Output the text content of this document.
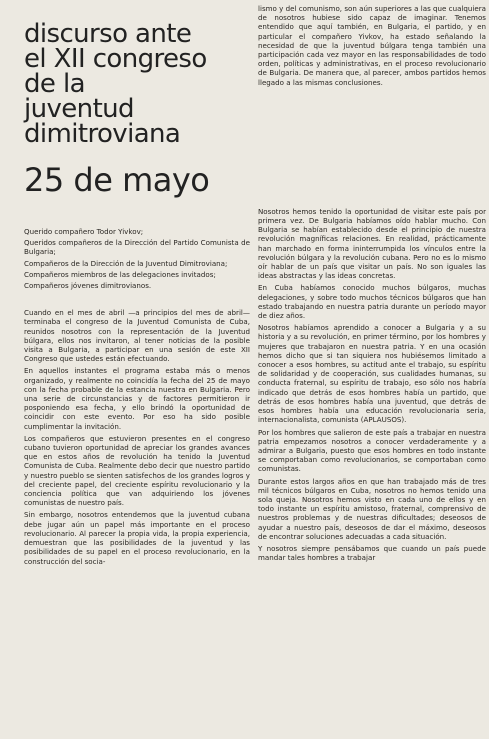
discurso ante
el XII congreso
de la
juventud
dimitroviana
25 de mayo

Querido compañero Todor Yivkov;

Queridos compañeros de la Dirección del Partido Comunista de Bulgaria;

Compañeros de la Dirección de la Juventud Dimitroviana;

Compañeros miembros de las delegaciones invitados;

Compañeros jóvenes dimitrovianos.

Cuando en el mes de abril —a principios del mes de abril— terminaba el congreso de la Juventud Comunista de Cuba, reunidos nosotros con la representación de la Juventud búlgara, ellos nos invitaron, al tener noticias de la posible visita a Bulgaria, a participar en una sesión de este XII Congreso que ustedes están efectuando.

En aquellos instantes el programa estaba más o menos organizado, y realmente no coincidía la fecha del 25 de mayo con la fecha probable de la estancia nuestra en Bulgaria. Pero una serie de circunstancias y de factores permitieron ir posponiendo esa fecha, y ello brindó la oportunidad de coincidir con este evento. Por eso ha sido posible cumplimentar la invitación.

Los compañeros que estuvieron presentes en el congreso cubano tuvieron oportunidad de apreciar los grandes avances que en estos años de revolución ha tenido la Juventud Comunista de Cuba. Realmente debo decir que nuestro partido y nuestro pueblo se sienten satisfechos de los grandes logros y del creciente papel, del creciente espíritu revolucionario y la conciencia política que van adquiriendo los jóvenes comunistas de nuestro país.

Sin embargo, nosotros entendemos que la juventud cubana debe jugar aún un papel más importante en el proceso revolucionario. Al parecer la propia vida, la propia experiencia, demuestran que las posibilidades de la juventud y las posibilidades de su papel en el proceso revolucionario, en la construcción del socia-

lismo y del comunismo, son aún superiores a las que cualquiera de nosotros hubiese sido capaz de imaginar. Tenemos entendido que aquí también, en Bulgaria, el partido, y en particular el compañero Yivkov, ha estado señalando la necesidad de que la juventud búlgara tenga también una participación cada vez mayor en las responsabilidades de todo orden, políticas y administrativas, en el proceso revolucionario de Bulgaria. De manera que, al parecer, ambos partidos hemos llegado a las mismas conclusiones.

Nosotros hemos tenido la oportunidad de visitar este país por primera vez. De Bulgaria habíamos oído hablar mucho. Con Bulgaria se habían establecido desde el principio de nuestra revolución magníficas relaciones. En realidad, prácticamente han marchado en forma ininterrumpida los vínculos entre la revolución búlgara y la revolución cubana. Pero no es lo mismo oír hablar de un país que visitar un país. No son iguales las ideas abstractas y las ideas concretas.

En Cuba habíamos conocido muchos búlgaros, muchas delegaciones, y sobre todo muchos técnicos búlgaros que han estado trabajando en nuestra patria durante un período mayor de diez años.

Nosotros habíamos aprendido a conocer a Bulgaria y a su historia y a su revolución, en primer término, por los hombres y mujeres que trabajaron en nuestra patria. Y en una ocasión hemos dicho que si tan siquiera nos hubiésemos limitado a conocer a esos hombres, su actitud ante el trabajo, su espíritu de solidaridad y de cooperación, sus cualidades humanas, su conducta fraternal, su espíritu de trabajo, eso sólo nos habría indicado que detrás de esos hombres había un partido, que detrás de esos hombres había una juventud, que detrás de esos hombres había una educación revolucionaria seria, internacionalista, comunista (APLAUSOS).

Por los hombres que salieron de este país a trabajar en nuestra patria empezamos nosotros a conocer verdaderamente y a admirar a Bulgaria, puesto que esos hombres en todo instante se comportaban como revolucionarios, se comportaban como comunistas.

Durante estos largos años en que han trabajado más de tres mil técnicos búlgaros en Cuba, nosotros no hemos tenido una sola queja. Nosotros hemos visto en cada uno de ellos y en todo instante un espíritu amistoso, fraternal, comprensivo de nuestros problemas y de nuestras dificultades; deseosos de ayudar a nuestro país, deseosos de dar el máximo, deseosos de encontrar soluciones adecuadas a cada situación.

Y nosotros siempre pensábamos que cuando un país puede mandar tales hombres a trabajar
